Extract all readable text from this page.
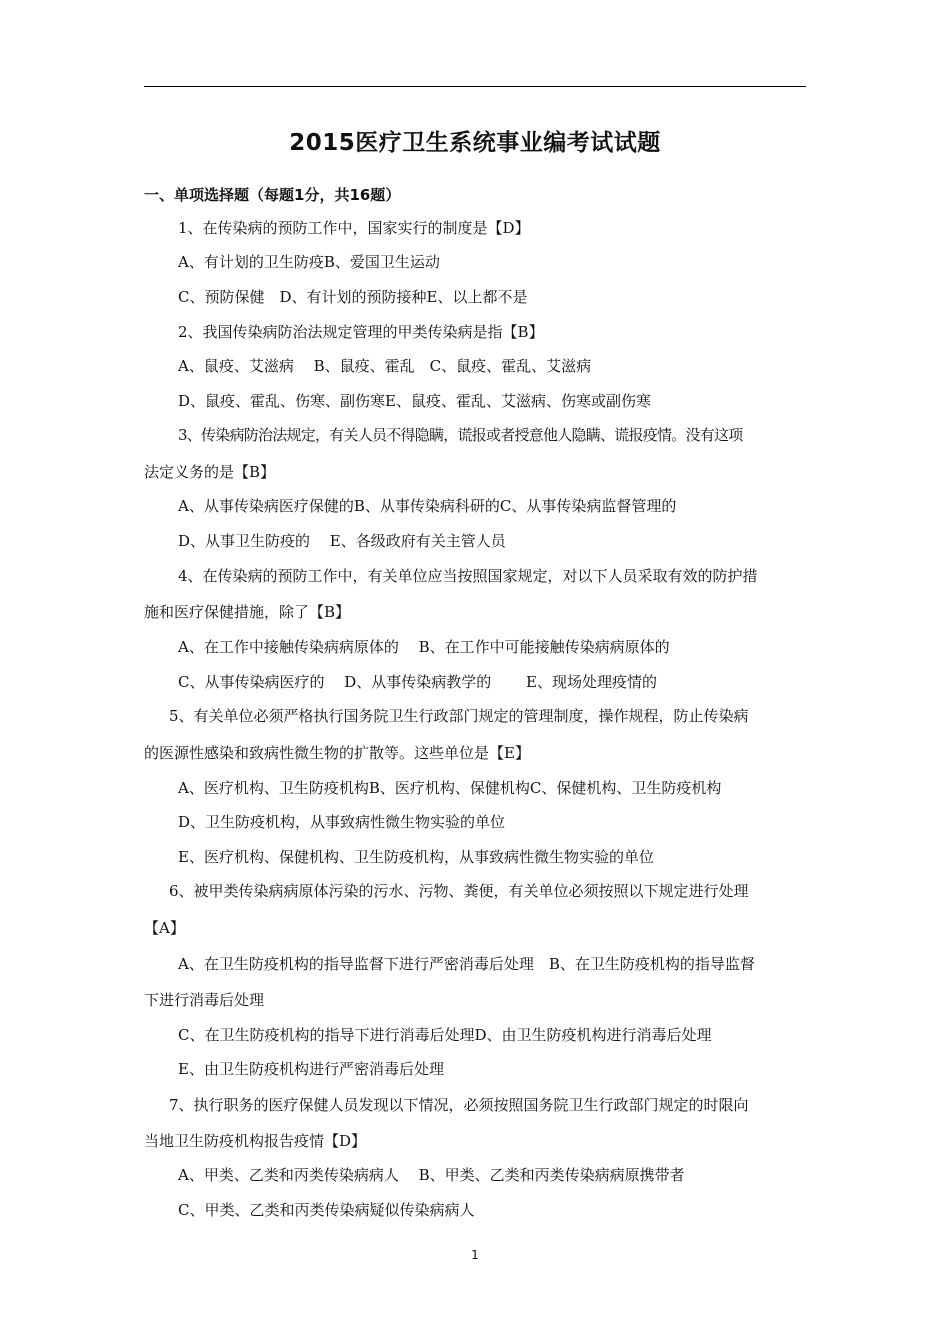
2015医疗卫生系统事业编考试试题
一、单项选择题（每题1分，共16题）
1、在传染病的预防工作中，国家实行的制度是【D】
A、有计划的卫生防疫B、爱国卫生运动
C、预防保健　D、有计划的预防接种E、以上都不是
2、我国传染病防治法规定管理的甲类传染病是指【B】
A、鼠疫、艾滋病　 B、鼠疫、霍乱　C、鼠疫、霍乱、艾滋病
D、鼠疫、霍乱、伤寒、副伤寒E、鼠疫、霍乱、艾滋病、伤寒或副伤寒
3、传染病防治法规定，有关人员不得隐瞒，谎报或者授意他人隐瞒、谎报疫情。没有这项
法定义务的是【B】
A、从事传染病医疗保健的B、从事传染病科研的C、从事传染病监督管理的
D、从事卫生防疫的　 E、各级政府有关主管人员
4、在传染病的预防工作中，有关单位应当按照国家规定，对以下人员采取有效的防护措
施和医疗保健措施，除了【B】
A、在工作中接触传染病病原体的　 B、在工作中可能接触传染病病原体的
C、从事传染病医疗的　 D、从事传染病教学的　　 E、现场处理疫情的
5、有关单位必须严格执行国务院卫生行政部门规定的管理制度，操作规程，防止传染病
的医源性感染和致病性微生物的扩散等。这些单位是【E】
A、医疗机构、卫生防疫机构B、医疗机构、保健机构C、保健机构、卫生防疫机构
D、卫生防疫机构，从事致病性微生物实验的单位
E、医疗机构、保健机构、卫生防疫机构，从事致病性微生物实验的单位
6、被甲类传染病病原体污染的污水、污物、粪便，有关单位必须按照以下规定进行处理
【A】
A、在卫生防疫机构的指导监督下进行严密消毒后处理　B、在卫生防疫机构的指导监督
下进行消毒后处理
C、在卫生防疫机构的指导下进行消毒后处理D、由卫生防疫机构进行消毒后处理
E、由卫生防疫机构进行严密消毒后处理
7、执行职务的医疗保健人员发现以下情况，必须按照国务院卫生行政部门规定的时限向
当地卫生防疫机构报告疫情【D】
A、甲类、乙类和丙类传染病病人　 B、甲类、乙类和丙类传染病病原携带者
C、甲类、乙类和丙类传染病疑似传染病病人
1
